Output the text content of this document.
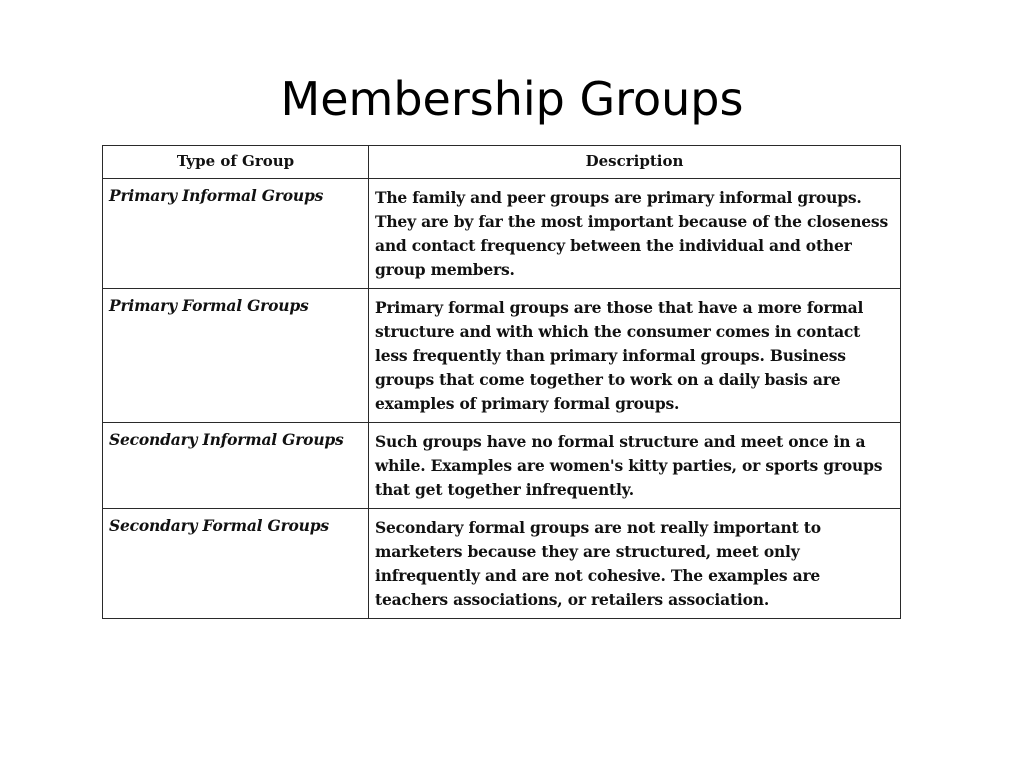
Membership Groups
Type of Group	Description
Primary Informal Groups	The family and peer groups are primary informal groups. They are by far the most important because of the closeness and contact frequency between the individual and other group members.
Primary Formal Groups	Primary formal groups are those that have a more formal structure and with which the consumer comes in contact less frequently than primary informal groups. Business groups that come together to work on a daily basis are examples of primary formal groups.
Secondary Informal Groups	Such groups have no formal structure and meet once in a while. Examples are women's kitty parties, or sports groups that get together infrequently.
Secondary Formal Groups	Secondary formal groups are not really important to marketers because they are structured, meet only infrequently and are not cohesive. The examples are teachers associations, or retailers association.
